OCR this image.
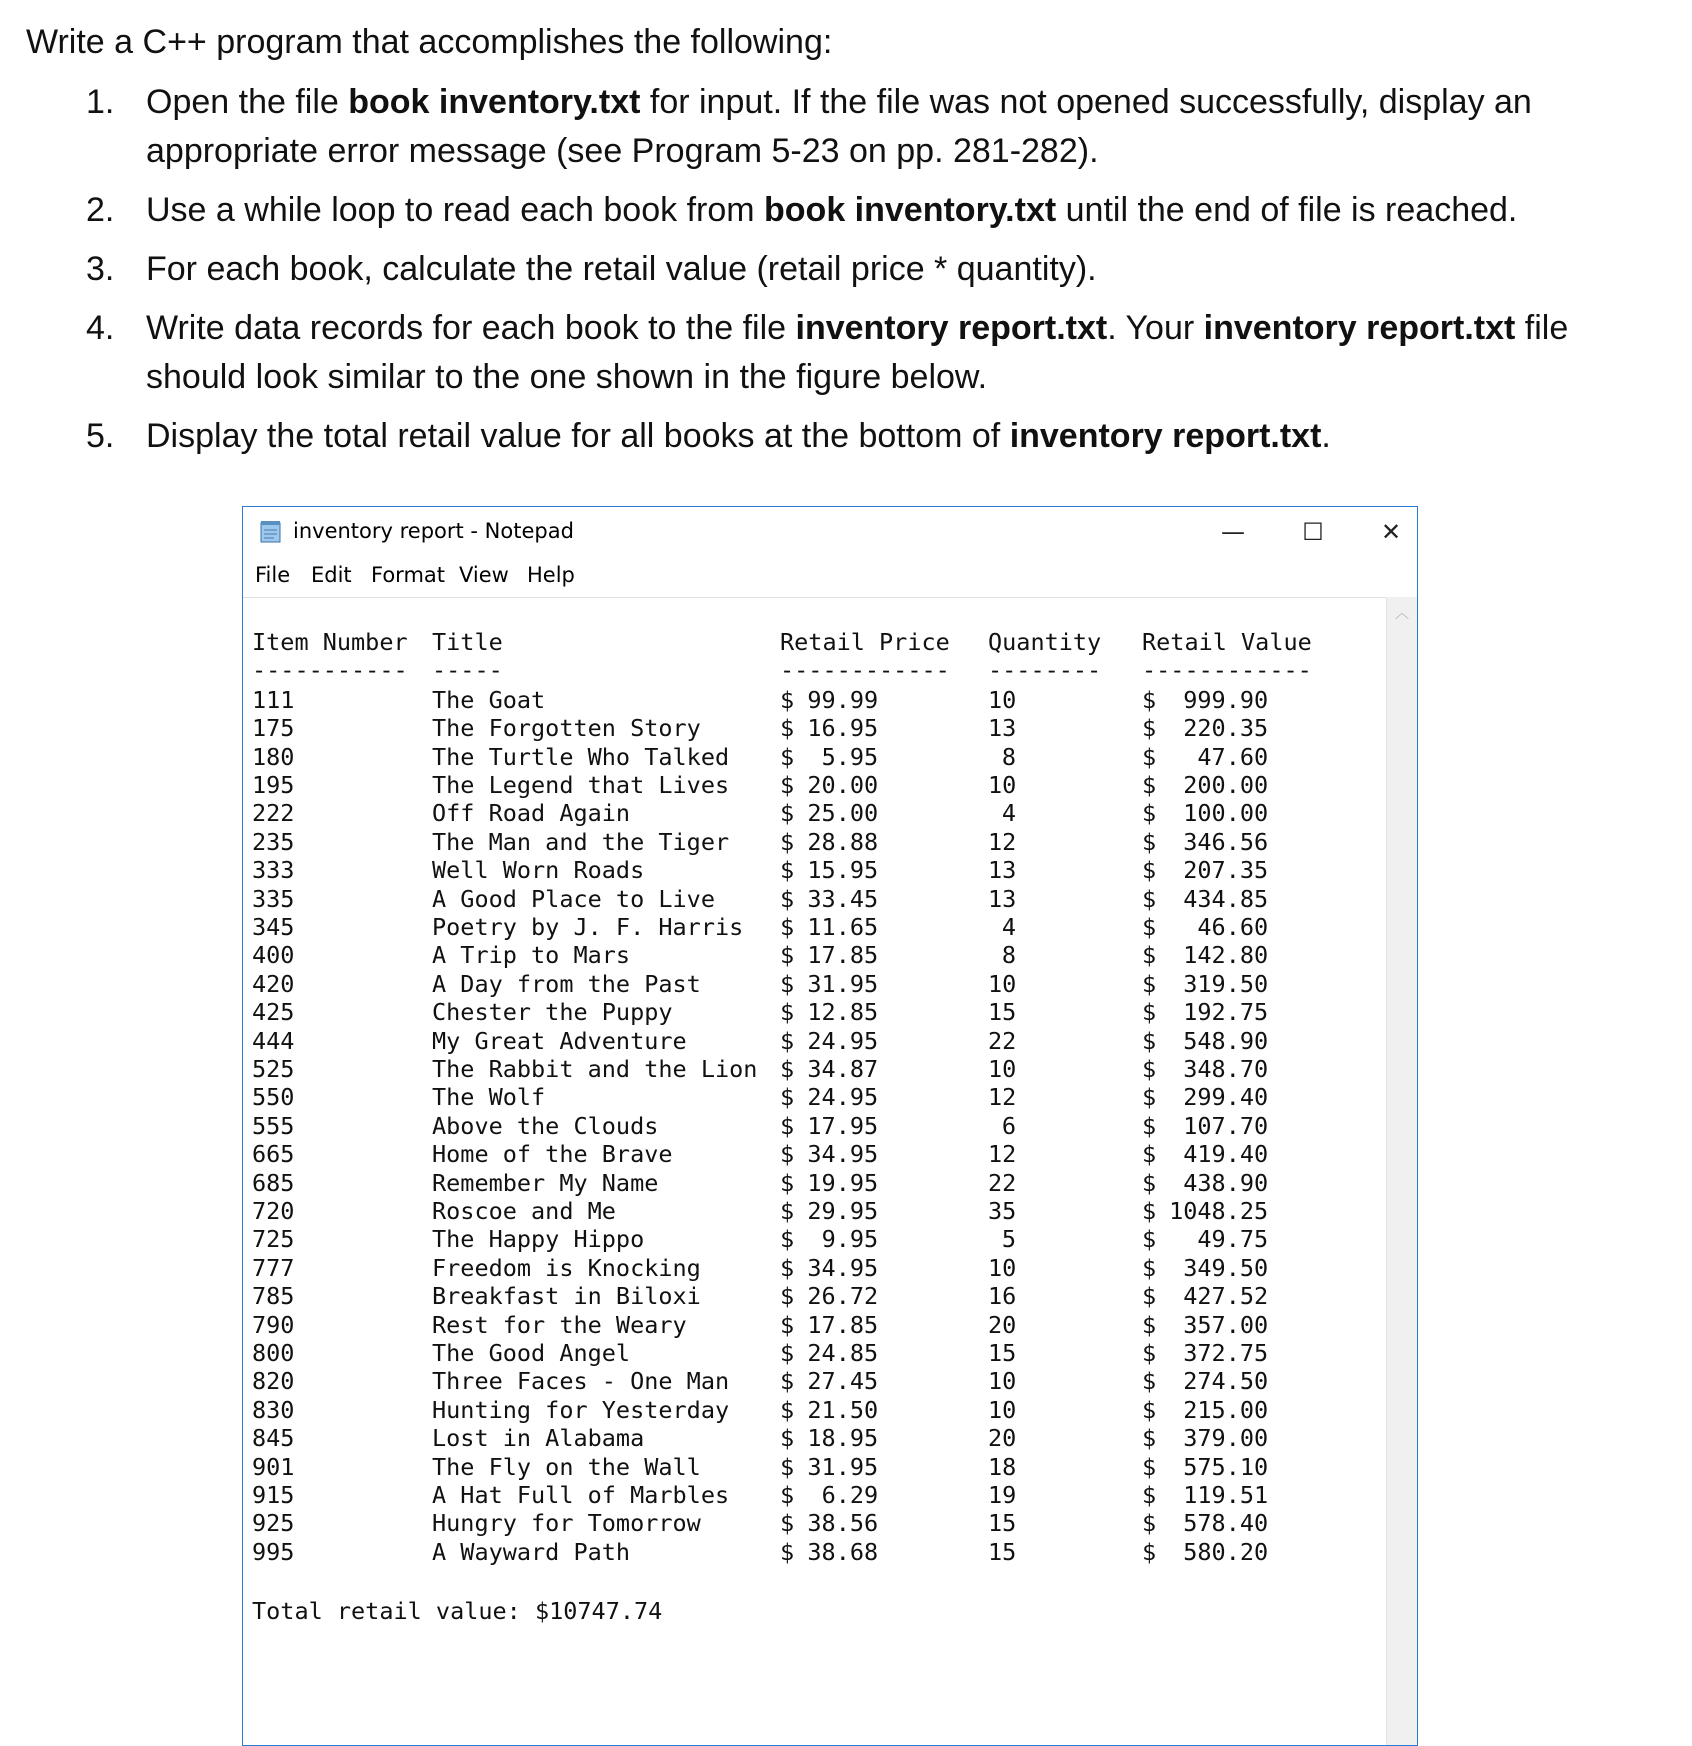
Write a C++ program that accomplishes the following:

1. Open the file book inventory.txt for input. If the file was not opened successfully, display an appropriate error message (see Program 5-23 on pp. 281-282).
2. Use a while loop to read each book from book inventory.txt until the end of file is reached.
3. For each book, calculate the retail value (retail price * quantity).
4. Write data records for each book to the file inventory report.txt. Your inventory report.txt file should look similar to the one shown in the figure below.
5. Display the total retail value for all books at the bottom of inventory report.txt.
inventory report - Notepad	—	☐	✕
File Edit Format View Help
Item Number Title	Retail Price Quantity Retail Value
----------- -----	------------ -------- ------------
111	The Goat	$ 99.99	10	$ 999.90
175	The Forgotten Story	$ 16.95	13	$ 220.35
180	The Turtle Who Talked $ 5.95	8	$ 47.60
195	The Legend that Lives $ 20.00	10	$ 200.00
222	Off Road Again	$ 25.00	4	$ 100.00
235	The Man and the Tiger $ 28.88	12	$ 346.56
333	Well Worn Roads	$ 15.95	13	$ 207.35
335	A Good Place to Live	$ 33.45	13	$ 434.85
345	Poetry by J. F. Harris $ 11.65	4	$ 46.60
400	A Trip to Mars	$ 17.85	8	$ 142.80
420	A Day from the Past	$ 31.95	10	$ 319.50
425	Chester the Puppy	$ 12.85	15	$ 192.75
444	My Great Adventure	$ 24.95	22	$ 548.90
525	The Rabbit and the Lion $ 34.87	10	$ 348.70
550	The Wolf	$ 24.95	12	$ 299.40
555	Above the Clouds	$ 17.95	6	$ 107.70
665	Home of the Brave	$ 34.95	12	$ 419.40
685	Remember My Name	$ 19.95	22	$ 438.90
720	Roscoe and Me	$ 29.95	35	$ 1048.25
725	The Happy Hippo	$ 9.95	5	$ 49.75
777	Freedom is Knocking	$ 34.95	10	$ 349.50
785	Breakfast in Biloxi	$ 26.72	16	$ 427.52
790	Rest for the Weary	$ 17.85	20	$ 357.00
800	The Good Angel	$ 24.85	15	$ 372.75
820	Three Faces - One Man $ 27.45	10	$ 274.50
830	Hunting for Yesterday $ 21.50	10	$ 215.00
845	Lost in Alabama	$ 18.95	20	$ 379.00
901	The Fly on the Wall	$ 31.95	18	$ 575.10
915	A Hat Full of Marbles $ 6.29	19	$ 119.51
925	Hungry for Tomorrow	$ 38.56	15	$ 578.40
995	A Wayward Path	$ 38.68	15	$ 580.20
Total retail value: $10747.74
︿
